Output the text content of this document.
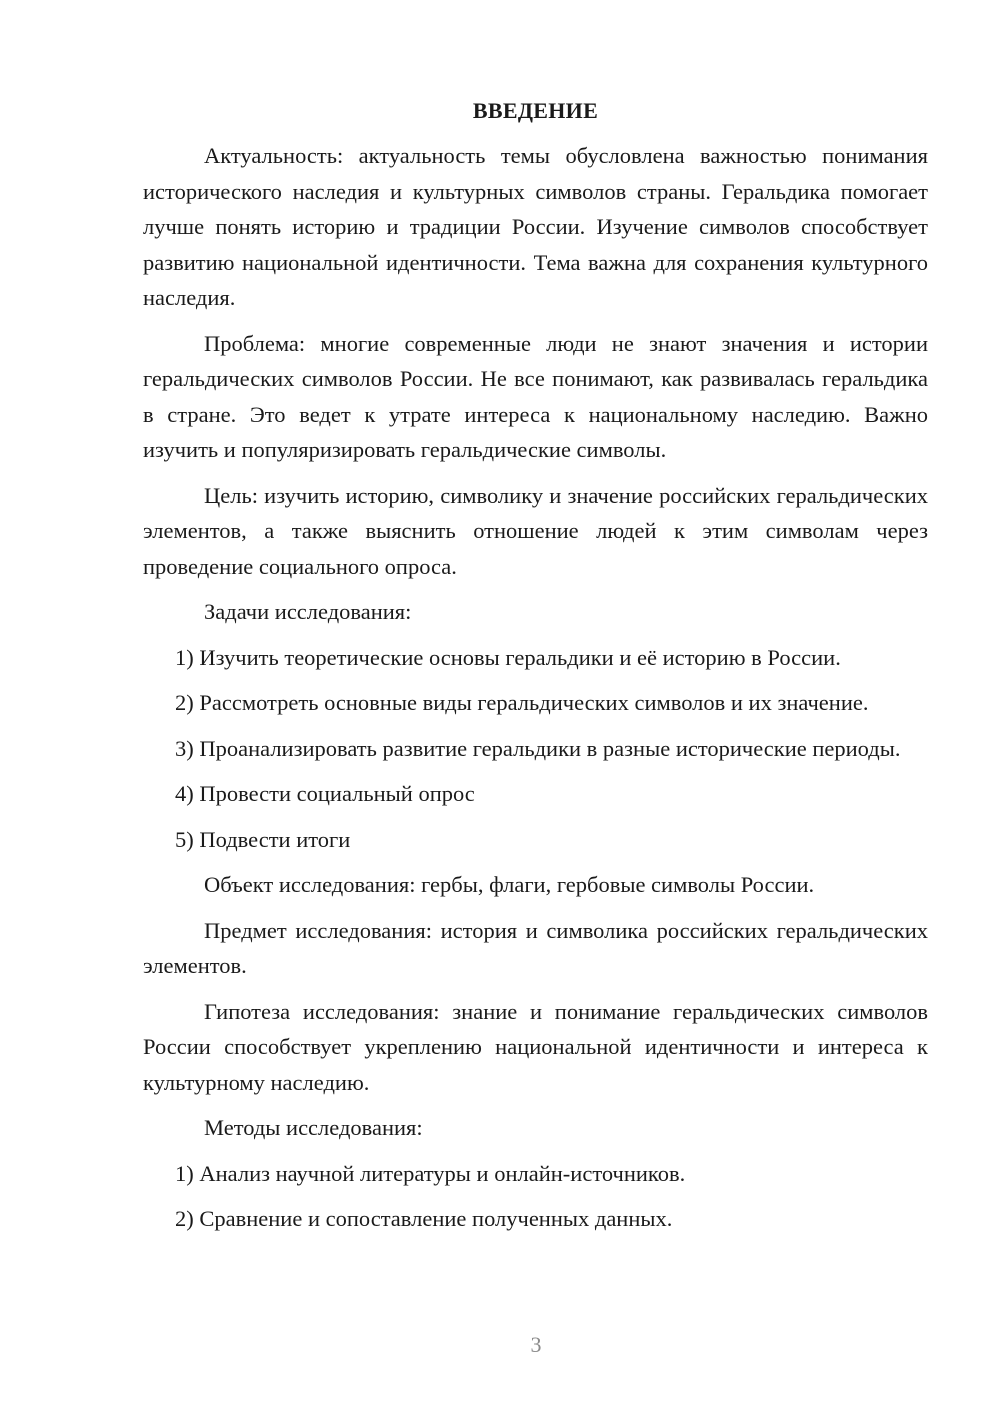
ВВЕДЕНИЕ

Актуальность: актуальность темы обусловлена важностью понимания исторического наследия и культурных символов страны. Геральдика помогает лучше понять историю и традиции России. Изучение символов способствует развитию национальной идентичности. Тема важна для сохранения культурного наследия.

Проблема: многие современные люди не знают значения и истории геральдических символов России. Не все понимают, как развивалась геральдика в стране. Это ведет к утрате интереса к национальному наследию. Важно изучить и популяризировать геральдические символы.

Цель: изучить историю, символику и значение российских геральдических элементов, а также выяснить отношение людей к этим символам через проведение социального опроса.

Задачи исследования:

1) Изучить теоретические основы геральдики и её историю в России.

2) Рассмотреть основные виды геральдических символов и их значение.

3) Проанализировать развитие геральдики в разные исторические периоды.

4) Провести социальный опрос

5) Подвести итоги

Объект исследования: гербы, флаги, гербовые символы России.

Предмет исследования: история и символика российских геральдических элементов.

Гипотеза исследования: знание и понимание геральдических символов России способствует укреплению национальной идентичности и интереса к культурному наследию.

Методы исследования:

1) Анализ научной литературы и онлайн-источников.

2) Сравнение и сопоставление полученных данных.

3
